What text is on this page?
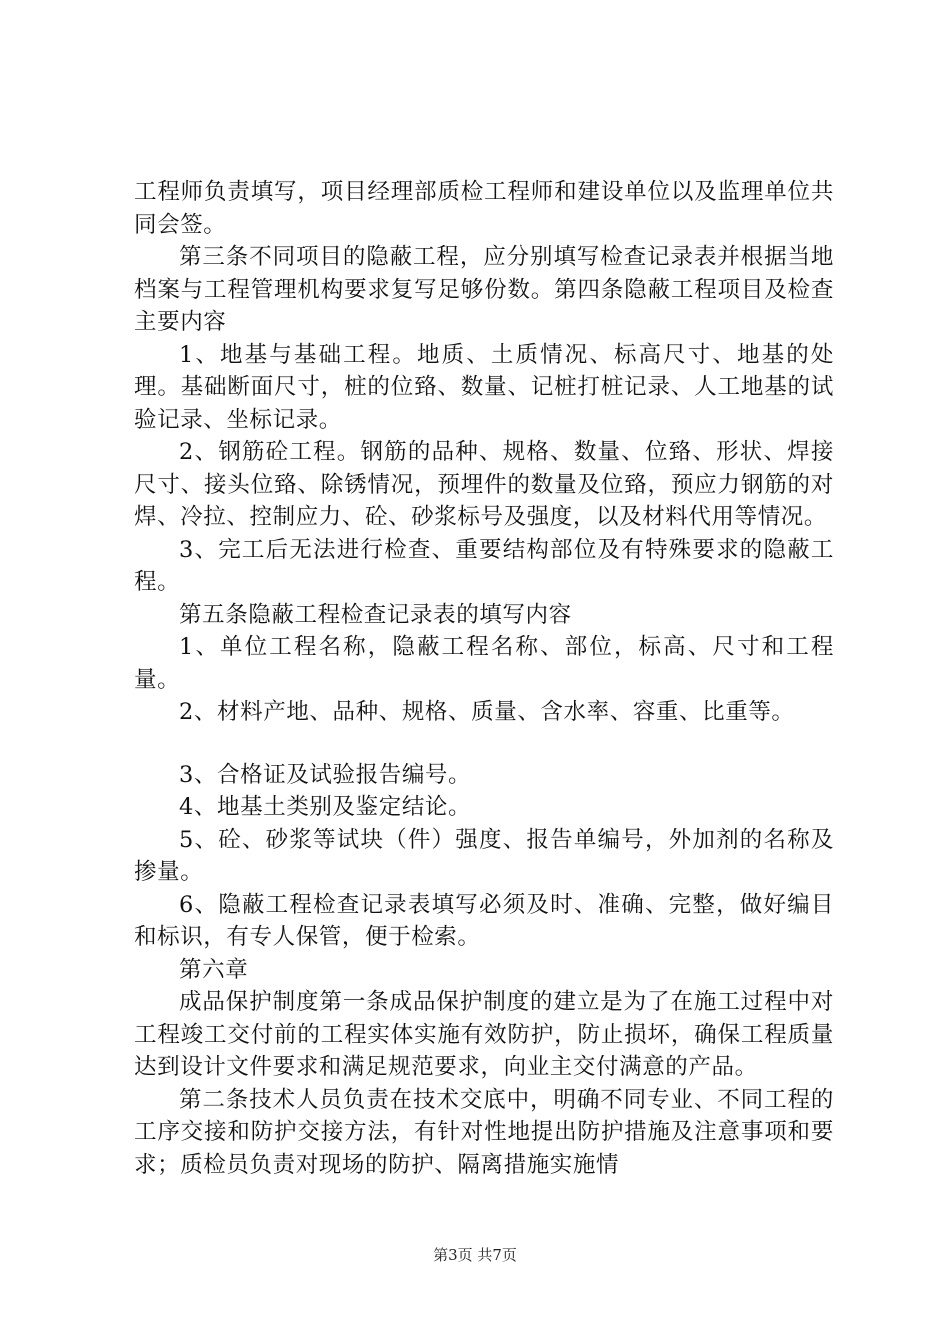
工程师负责填写，项目经理部质检工程师和建设单位以及监理单位共同会签。

第三条不同项目的隐蔽工程，应分别填写检查记录表并根据当地档案与工程管理机构要求复写足够份数。第四条隐蔽工程项目及检查主要内容

1、地基与基础工程。地质、土质情况、标高尺寸、地基的处理。基础断面尺寸，桩的位臵、数量、记桩打桩记录、人工地基的试验记录、坐标记录。

2、钢筋砼工程。钢筋的品种、规格、数量、位臵、形状、焊接尺寸、接头位臵、除锈情况，预埋件的数量及位臵，预应力钢筋的对焊、冷拉、控制应力、砼、砂浆标号及强度，以及材料代用等情况。

3、完工后无法进行检查、重要结构部位及有特殊要求的隐蔽工程。

第五条隐蔽工程检查记录表的填写内容

1、单位工程名称，隐蔽工程名称、部位，标高、尺寸和工程量。

2、材料产地、品种、规格、质量、含水率、容重、比重等。

3、合格证及试验报告编号。

4、地基土类别及鉴定结论。

5、砼、砂浆等试块（件）强度、报告单编号，外加剂的名称及掺量。

6、隐蔽工程检查记录表填写必须及时、准确、完整，做好编目和标识，有专人保管，便于检索。

第六章

成品保护制度第一条成品保护制度的建立是为了在施工过程中对工程竣工交付前的工程实体实施有效防护，防止损坏，确保工程质量达到设计文件要求和满足规范要求，向业主交付满意的产品。

第二条技术人员负责在技术交底中，明确不同专业、不同工程的工序交接和防护交接方法，有针对性地提出防护措施及注意事项和要求；质检员负责对现场的防护、隔离措施实施情

第3页 共7页
